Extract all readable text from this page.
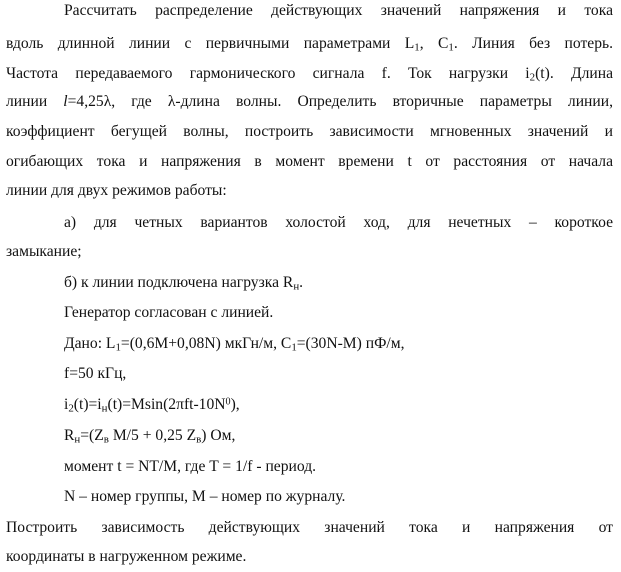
Рассчитать распределение действующих значений напряжения и тока
вдоль длинной линии с первичными параметрами $L_1$, $C_1$. Линия без потерь.
Частота передаваемого гармонического сигнала f. Ток нагрузки $i_2(t)$. Длина
линии l=4,25λ, где λ-длина волны. Определить вторичные параметры линии,
коэффициент бегущей волны, построить зависимости мгновенных значений и
огибающих тока и напряжения в момент времени t от расстояния от начала
линии для двух режимов работы:
а) для четных вариантов холостой ход, для нечетных – короткое
замыкание;
б) к линии подключена нагрузка $R_н$.
Генератор согласован с линией.
Дано: $L_1=(0,6M+0,08N)$ мкГн/м, $C_1=(30N-M)$ пФ/м,
f=50 кГц,
$i_2(t)=i_н(t)=Msin(2\pi ft-10N^0)$,
$R_н=(Z_в$ M/5 + 0,25 $Z_в$) Ом,
момент t = NT/M, где T = 1/f - период.
N – номер группы, M – номер по журналу.
Построить зависимость действующих значений тока и напряжения от
координаты в нагруженном режиме.
